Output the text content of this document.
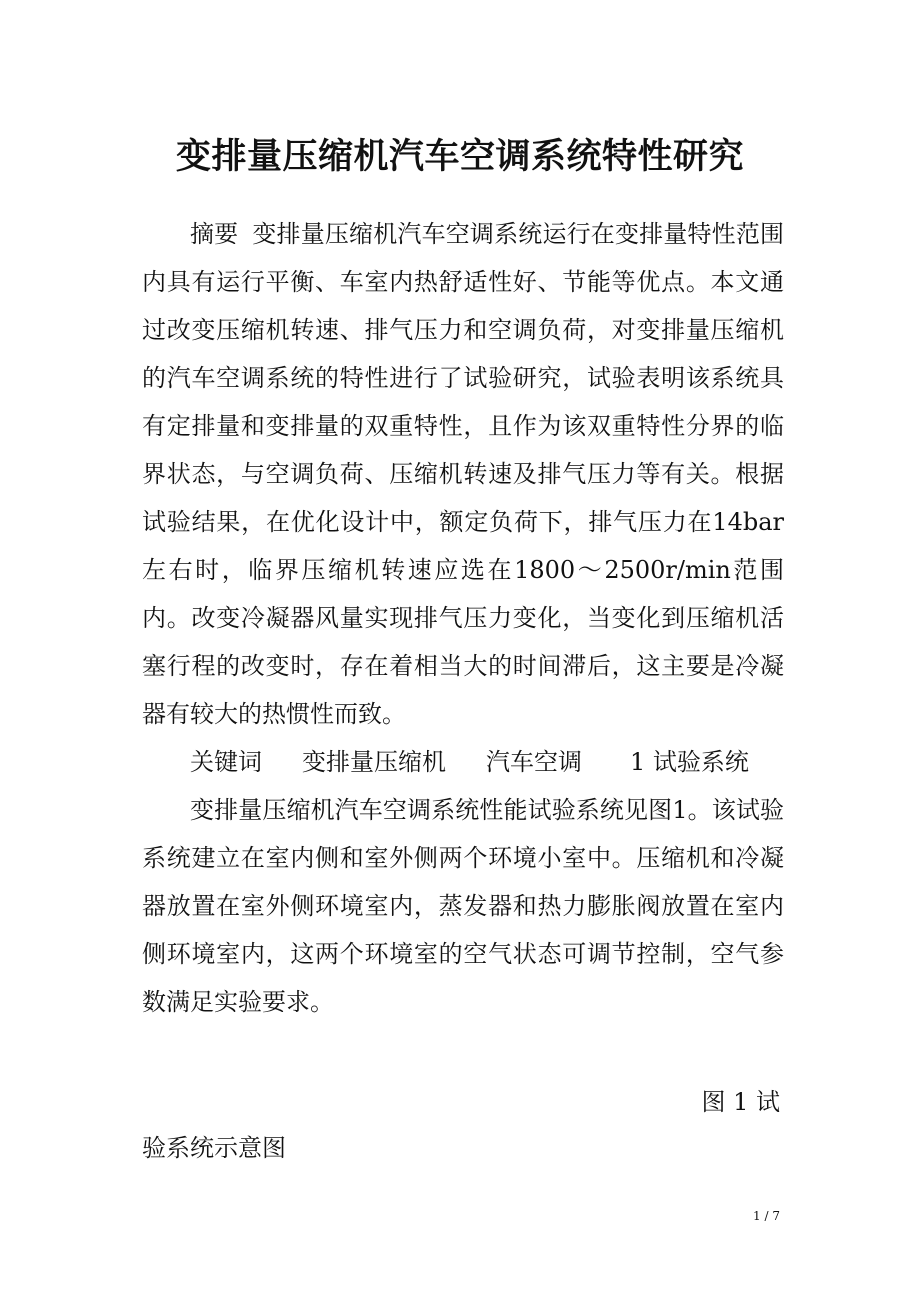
变排量压缩机汽车空调系统特性研究

摘要 变排量压缩机汽车空调系统运行在变排量特性范围内具有运行平衡、车室内热舒适性好、节能等优点。本文通过改变压缩机转速、排气压力和空调负荷，对变排量压缩机的汽车空调系统的特性进行了试验研究，试验表明该系统具有定排量和变排量的双重特性，且作为该双重特性分界的临界状态，与空调负荷、压缩机转速及排气压力等有关。根据试验结果，在优化设计中，额定负荷下，排气压力在14bar左右时，临界压缩机转速应选在1800～2500r/min范围内。改变冷凝器风量实现排气压力变化，当变化到压缩机活塞行程的改变时，存在着相当大的时间滞后，这主要是冷凝器有较大的热惯性而致。

关键词 变排量压缩机 汽车空调 1 试验系统

变排量压缩机汽车空调系统性能试验系统见图1。该试验系统建立在室内侧和室外侧两个环境小室中。压缩机和冷凝器放置在室外侧环境室内，蒸发器和热力膨胀阀放置在室内侧环境室内，这两个环境室的空气状态可调节控制，空气参数满足实验要求。

图 1 试

验系统示意图

1 / 7
